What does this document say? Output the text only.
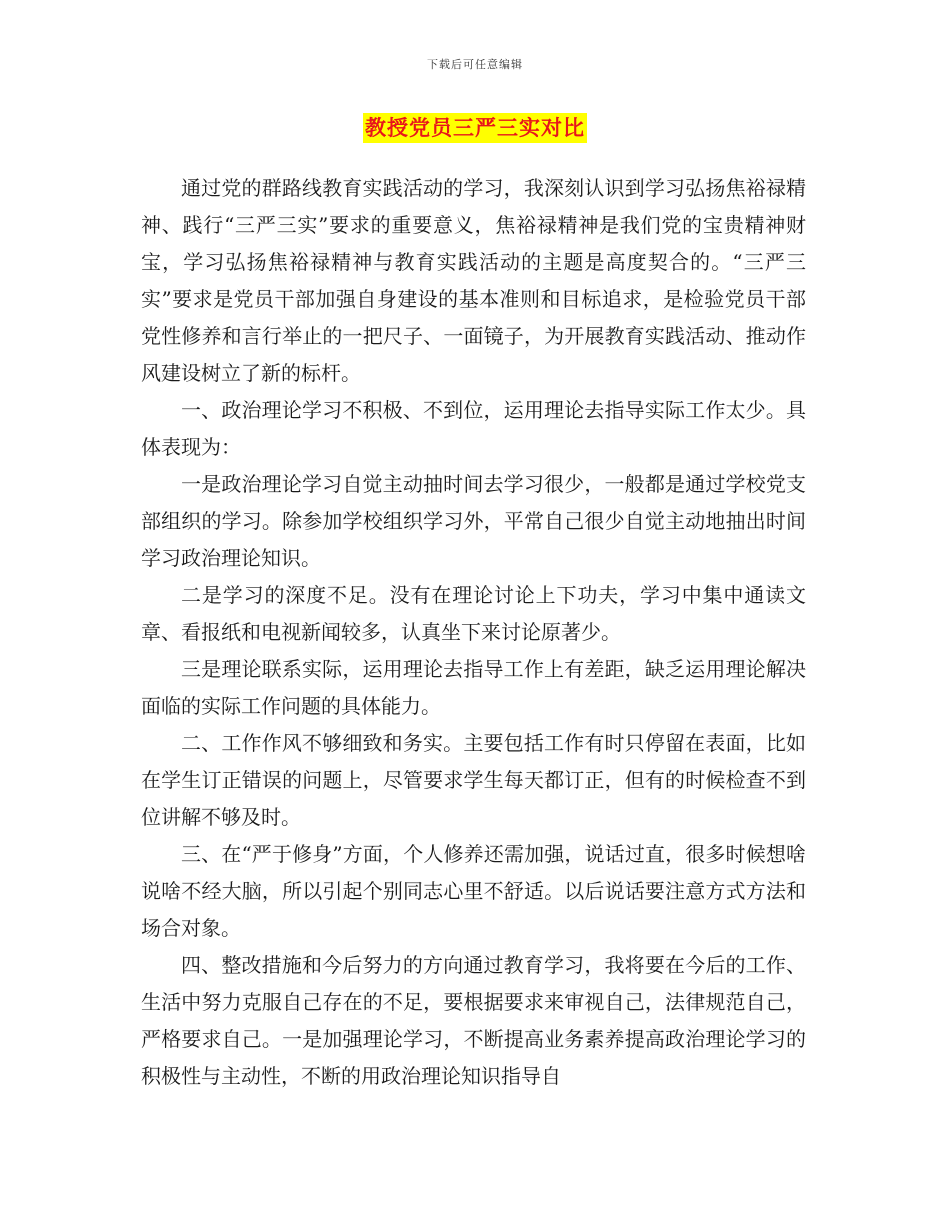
下载后可任意编辑
教授党员三严三实对比

通过党的群路线教育实践活动的学习，我深刻认识到学习弘扬焦裕禄精神、践行“三严三实”要求的重要意义，焦裕禄精神是我们党的宝贵精神财宝，学习弘扬焦裕禄精神与教育实践活动的主题是高度契合的。“三严三实”要求是党员干部加强自身建设的基本准则和目标追求，是检验党员干部党性修养和言行举止的一把尺子、一面镜子，为开展教育实践活动、推动作风建设树立了新的标杆。

一、政治理论学习不积极、不到位，运用理论去指导实际工作太少。具体表现为：

一是政治理论学习自觉主动抽时间去学习很少，一般都是通过学校党支部组织的学习。除参加学校组织学习外，平常自己很少自觉主动地抽出时间学习政治理论知识。

二是学习的深度不足。没有在理论讨论上下功夫，学习中集中通读文章、看报纸和电视新闻较多，认真坐下来讨论原著少。

三是理论联系实际，运用理论去指导工作上有差距，缺乏运用理论解决面临的实际工作问题的具体能力。

二、工作作风不够细致和务实。主要包括工作有时只停留在表面，比如在学生订正错误的问题上，尽管要求学生每天都订正，但有的时候检查不到位讲解不够及时。

三、在“严于修身”方面，个人修养还需加强，说话过直，很多时候想啥说啥不经大脑，所以引起个别同志心里不舒适。以后说话要注意方式方法和场合对象。

四、整改措施和今后努力的方向通过教育学习，我将要在今后的工作、生活中努力克服自己存在的不足，要根据要求来审视自己，法律规范自己，严格要求自己。一是加强理论学习，不断提高业务素养提高政治理论学习的积极性与主动性，不断的用政治理论知识指导自
